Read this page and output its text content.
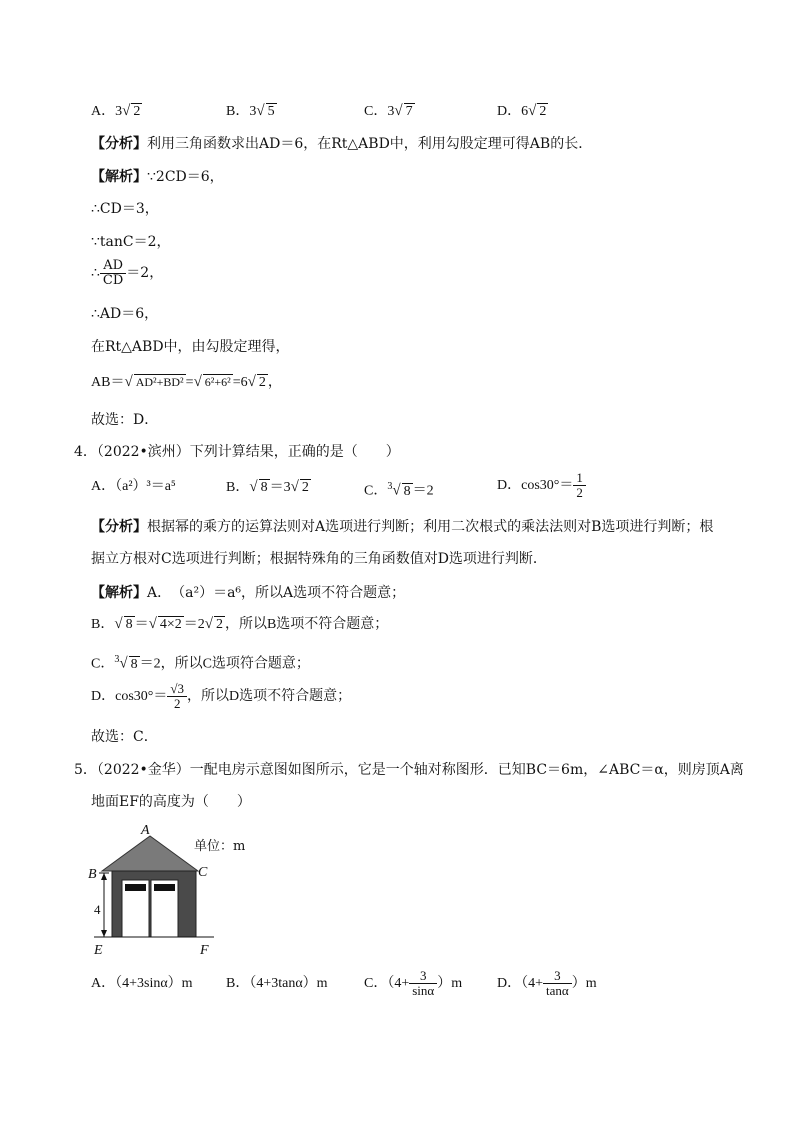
A．3√ 2	B．3√ 5	C．3√ 7	D．6√ 2
【分析】利用三角函数求出AD＝6，在Rt△ABD中，利用勾股定理可得AB的长．
【解析】∵2CD＝6，
∴CD＝3，
∵tanC＝2，
∴ $\frac{AD}{CD} =2$，
∴AD＝6，
在Rt△ABD中，由勾股定理得，
AB＝√ AD²+BD² =√ 6²+6² =6√ 2 ，
故选：D．
4．（2022•滨州）下列计算结果，正确的是（　　）
A．（a²）³＝a⁵	B．√ 8 ＝3√ 2	C．$^3$√ 8 ＝2	D．$\cos 30^\circ= \frac{1}{2}$
【分析】根据幂的乘方的运算法则对A选项进行判断；利用二次根式的乘法法则对B选项进行判断；根
据立方根对C选项进行判断；根据特殊角的三角函数值对D选项进行判断．
【解析】A．　（a²）＝a⁶，所以A选项不符合题意；
B．√ 8 ＝√ 4×2 ＝2√ 2 ，所以B选项不符合题意；
C．$^3$√ 8 ＝2，所以C选项符合题意；
D．$\cos 30^\circ= \frac{√3}{2}$ ，所以D选项不符合题意；
故选：C．
5．（2022•金华）一配电房示意图如图所示，它是一个轴对称图形．已知BC＝6m，∠ABC＝α，则房顶A离
地面EF的高度为（　　）
A
B	C
E	F
4
单位：m
A．（4+3sinα）m B．（4+3tanα）m	C．$(4+ \frac{3}{\sin\alpha} )m$ D．$(4+ \frac{3}{\tan\alpha} )m$
